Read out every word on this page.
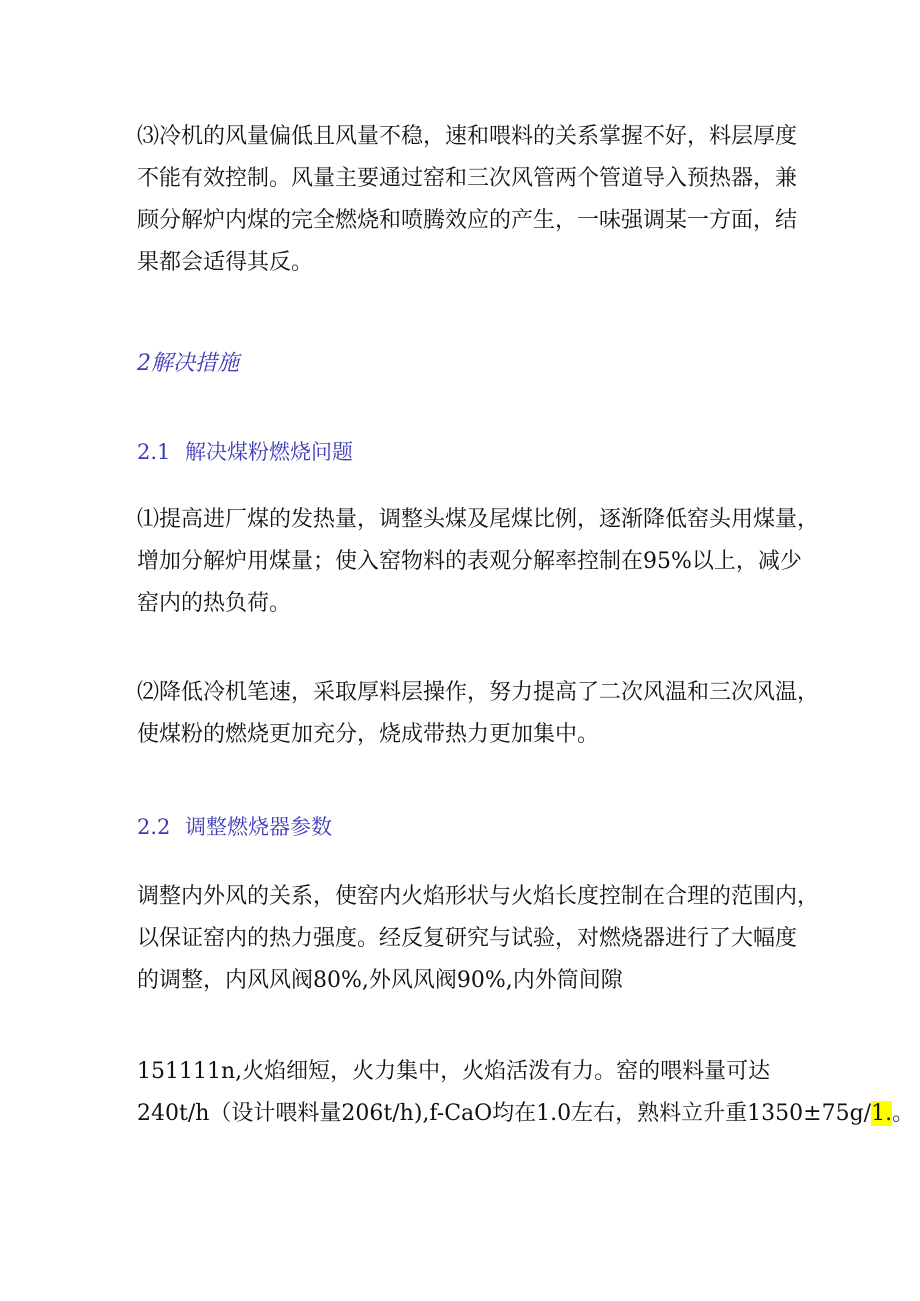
⑶冷机的风量偏低且风量不稳，速和喂料的关系掌握不好，料层厚度
不能有效控制。风量主要通过窑和三次风管两个管道导入预热器，兼
顾分解炉内煤的完全燃烧和喷腾效应的产生，一味强调某一方面，结
果都会适得其反。
2解决措施
2.1 解决煤粉燃烧问题
⑴提高进厂煤的发热量，调整头煤及尾煤比例，逐渐降低窑头用煤量，
增加分解炉用煤量；使入窑物料的表观分解率控制在95%以上，减少
窑内的热负荷。
⑵降低冷机笔速，采取厚料层操作，努力提高了二次风温和三次风温，
使煤粉的燃烧更加充分，烧成带热力更加集中。
2.2 调整燃烧器参数
调整内外风的关系，使窑内火焰形状与火焰长度控制在合理的范围内，
以保证窑内的热力强度。经反复研究与试验，对燃烧器进行了大幅度
的调整，内风风阀80%,外风风阀90%,内外筒间隙
151111n,火焰细短，火力集中，火焰活泼有力。窑的喂料量可达
240t/h（设计喂料量206t/h),f-CaO均在1.0左右，熟料立升重1350±75g/1.。
